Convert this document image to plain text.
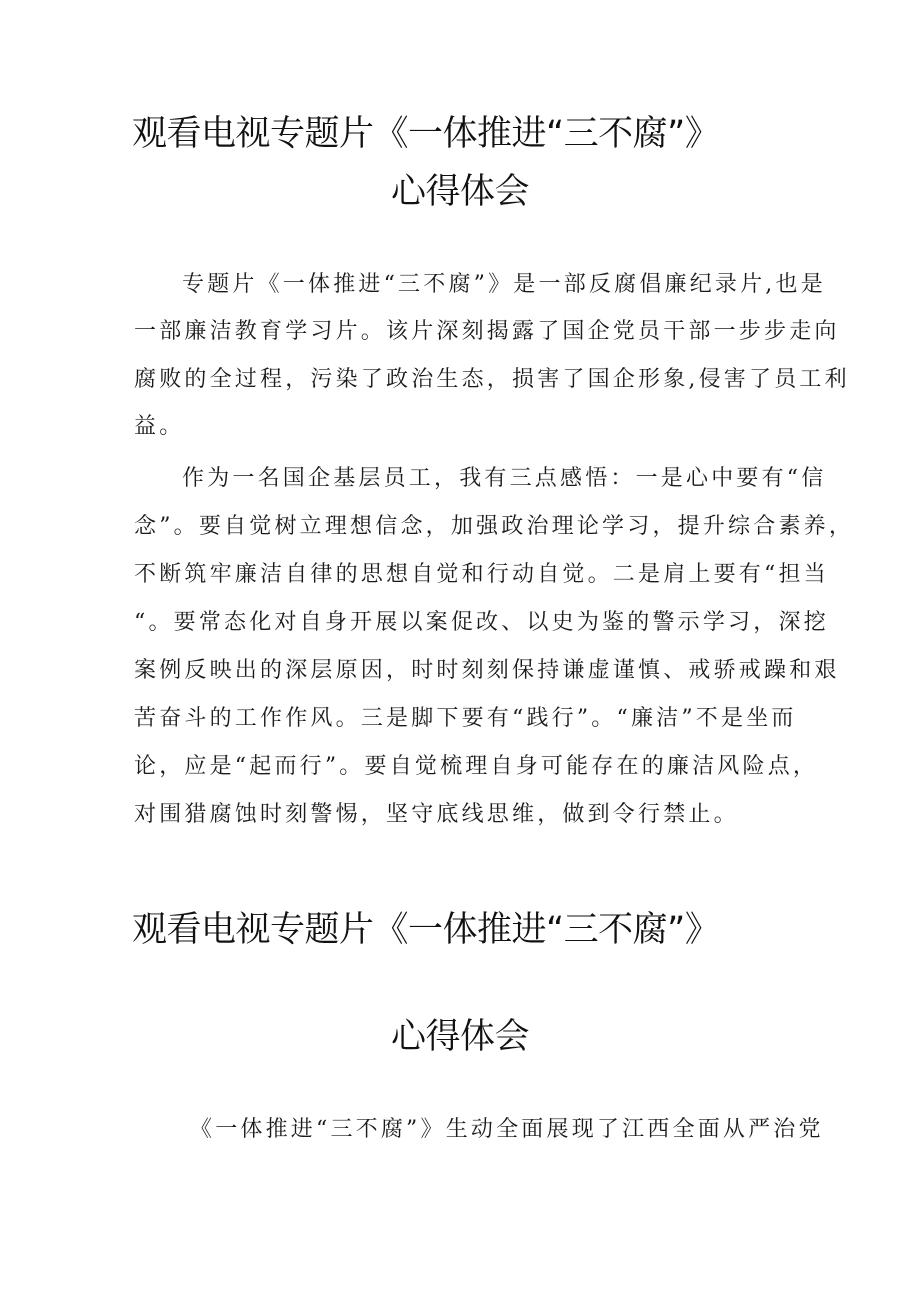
观看电视专题片《一体推进“三不腐”》
心得体会
专题片《一体推进“三不腐”》是一部反腐倡廉纪录片,也是
一部廉洁教育学习片。该片深刻揭露了国企党员干部一步步走向
腐败的全过程，污染了政治生态，损害了国企形象,侵害了员工利
益。
作为一名国企基层员工，我有三点感悟：一是心中要有“信
念”。要自觉树立理想信念，加强政治理论学习，提升综合素养，
不断筑牢廉洁自律的思想自觉和行动自觉。二是肩上要有“担当
“。要常态化对自身开展以案促改、以史为鉴的警示学习，深挖
案例反映出的深层原因，时时刻刻保持谦虚谨慎、戒骄戒躁和艰
苦奋斗的工作作风。三是脚下要有“践行”。“廉洁”不是坐而
论，应是“起而行”。要自觉梳理自身可能存在的廉洁风险点，
对围猎腐蚀时刻警惕，坚守底线思维，做到令行禁止。
观看电视专题片《一体推进“三不腐”》
心得体会
《一体推进“三不腐”》生动全面展现了江西全面从严治党
